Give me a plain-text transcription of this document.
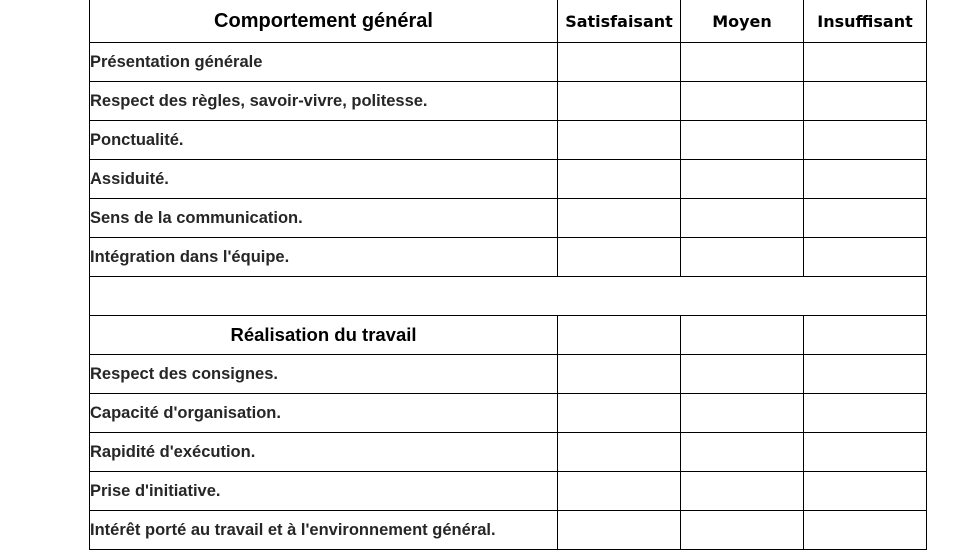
Comportement général	Satisfaisant	Moyen	Insuffisant
Présentation générale			
Respect des règles, savoir-vivre, politesse.			
Ponctualité.			
Assiduité.			
Sens de la communication.			
Intégration dans l'équipe.			

Réalisation du travail			
Respect des consignes.			
Capacité d'organisation.			
Rapidité d'exécution.			
Prise d'initiative.			
Intérêt porté au travail et à l'environnement général.			
